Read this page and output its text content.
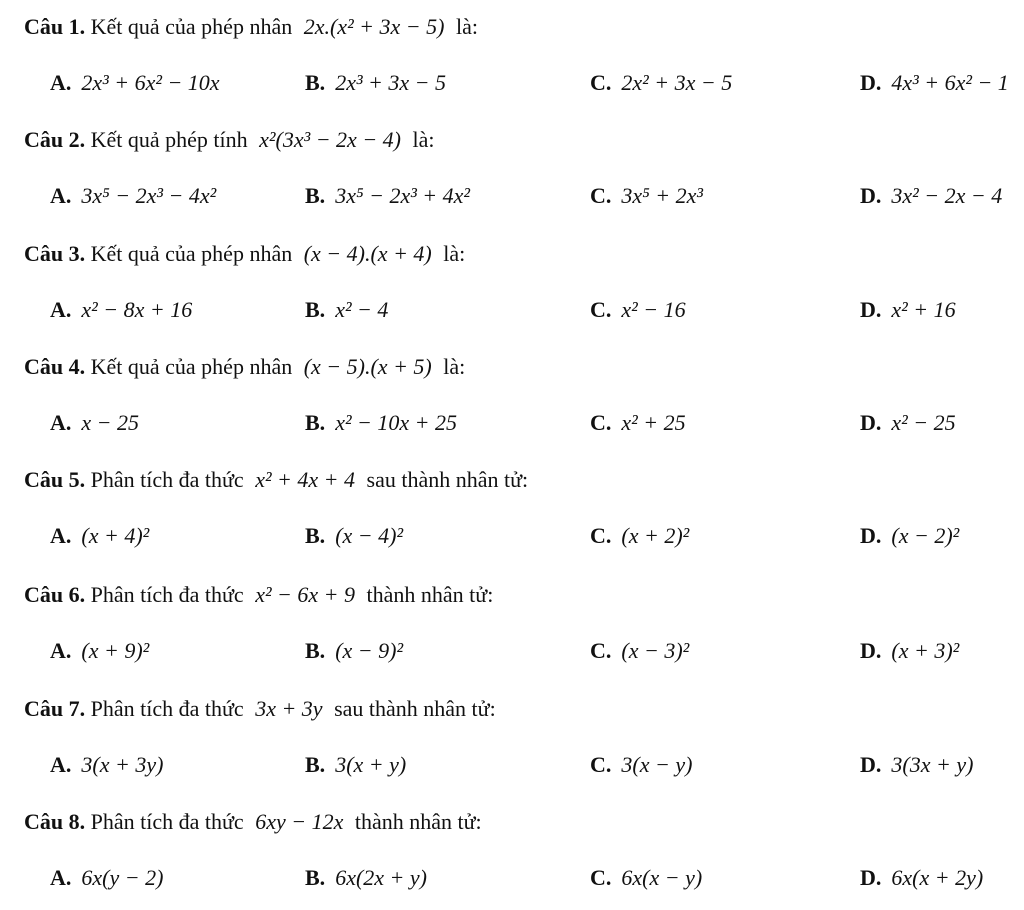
Câu 1. Kết quả của phép nhân 2x.(x² + 3x − 5) là:
A. 2x³ + 6x² − 10x	B. 2x³ + 3x − 5	C. 2x² + 3x − 5	D. 4x³ + 6x² − 1
Câu 2. Kết quả phép tính x²(3x³ − 2x − 4) là:
A. 3x⁵ − 2x³ − 4x²	B. 3x⁵ − 2x³ + 4x²	C. 3x⁵ + 2x³	D. 3x² − 2x − 4
Câu 3. Kết quả của phép nhân (x − 4).(x + 4) là:
A. x² − 8x + 16	B. x² − 4	C. x² − 16	D. x² + 16
Câu 4. Kết quả của phép nhân (x − 5).(x + 5) là:
A. x − 25	B. x² − 10x + 25	C. x² + 25	D. x² − 25
Câu 5. Phân tích đa thức x² + 4x + 4 sau thành nhân tử:
A. (x + 4)²	B. (x − 4)²	C. (x + 2)²	D. (x − 2)²
Câu 6. Phân tích đa thức x² − 6x + 9 thành nhân tử:
A. (x + 9)²	B. (x − 9)²	C. (x − 3)²	D. (x + 3)²
Câu 7. Phân tích đa thức 3x + 3y sau thành nhân tử:
A. 3(x + 3y)	B. 3(x + y)	C. 3(x − y)	D. 3(3x + y)
Câu 8. Phân tích đa thức 6xy − 12x thành nhân tử:
A. 6x(y − 2)	B. 6x(2x + y)	C. 6x(x − y)	D. 6x(x + 2y)
